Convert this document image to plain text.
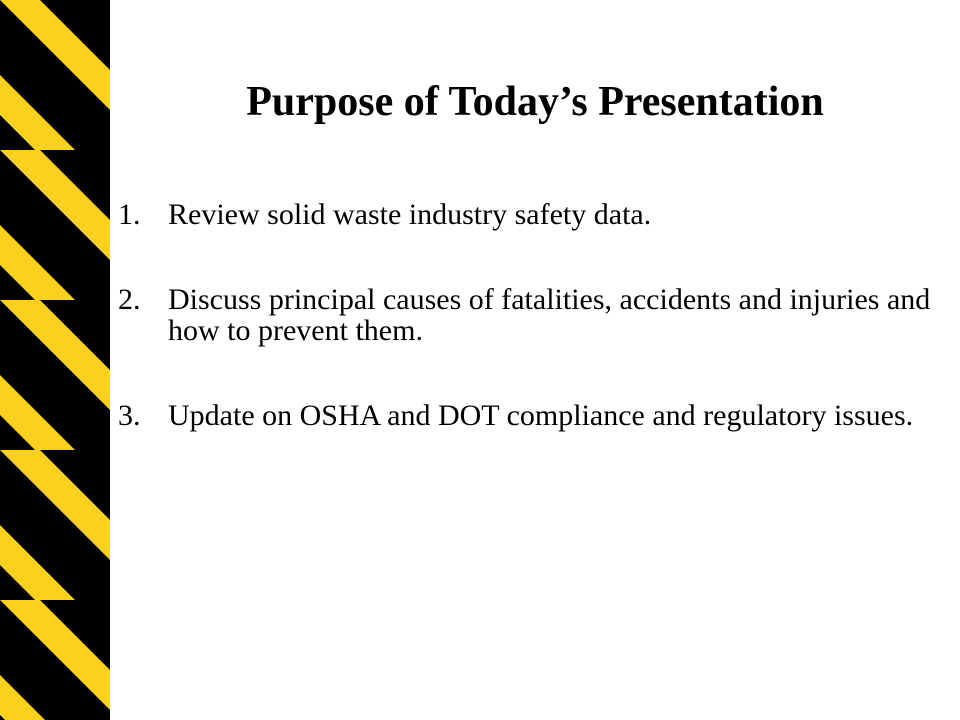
Purpose of Today’s Presentation
1. Review solid waste industry safety data.
2. Discuss principal causes of fatalities, accidents and injuries and how to prevent them.
3. Update on OSHA and DOT compliance and regulatory issues.
